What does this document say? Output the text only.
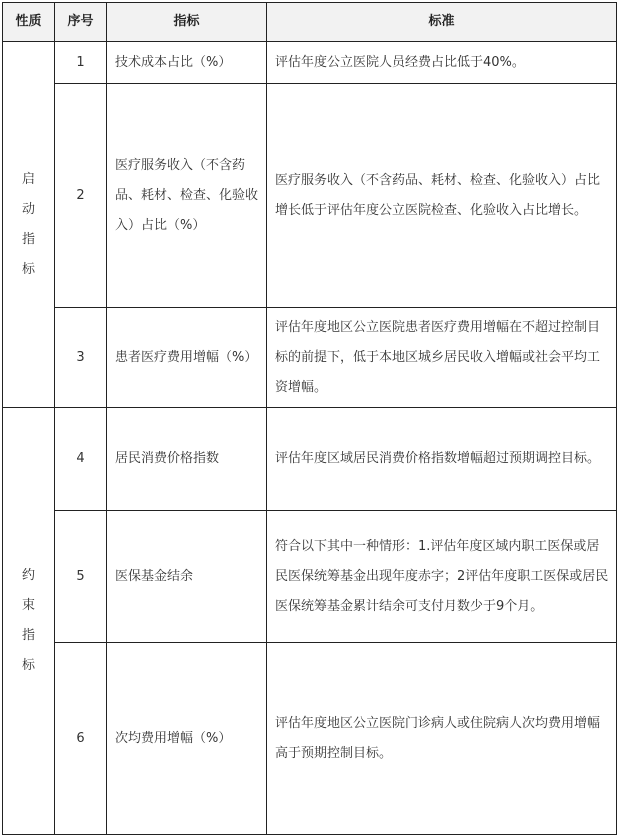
性质	序号	指标	标准
启动指标	1	技术成本占比（%）	评估年度公立医院人员经费占比低于40%。
	2	医疗服务收入（不含药品、耗材、检查、化验收入）占比（%）	医疗服务收入（不含药品、耗材、检查、化验收入）占比增长低于评估年度公立医院检查、化验收入占比增长。
	3	患者医疗费用增幅（%）	评估年度地区公立医院患者医疗费用增幅在不超过控制目标的前提下，低于本地区城乡居民收入增幅或社会平均工资增幅。
约束指标	4	居民消费价格指数	评估年度区域居民消费价格指数增幅超过预期调控目标。
	5	医保基金结余	符合以下其中一种情形：1.评估年度区域内职工医保或居民医保统筹基金出现年度赤字；2评估年度职工医保或居民医保统筹基金累计结余可支付月数少于9个月。
	6	次均费用增幅（%）	评估年度地区公立医院门诊病人或住院病人次均费用增幅高于预期控制目标。
